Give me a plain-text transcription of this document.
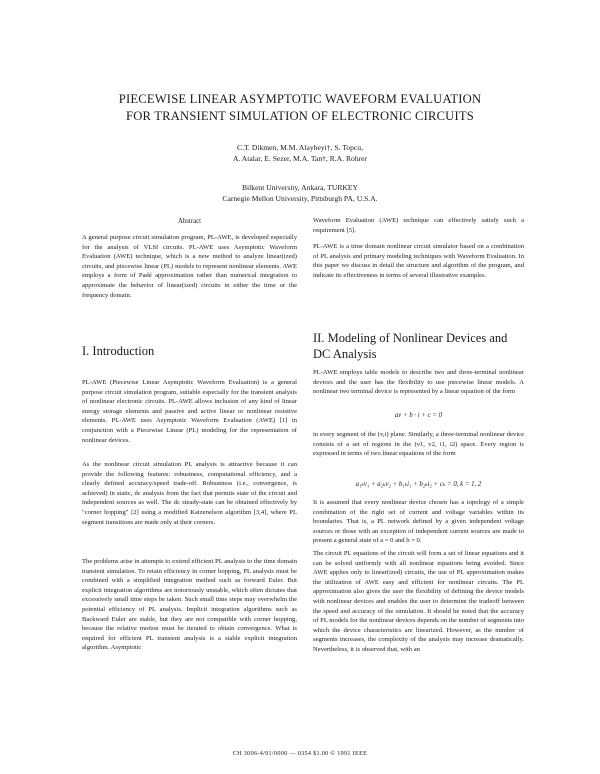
PIECEWISE LINEAR ASYMPTOTIC WAVEFORM EVALUATION
FOR TRANSIENT SIMULATION OF ELECTRONIC CIRCUITS
C.T. Dikmen, M.M. Alaybeyi†, S. Topcu,
A. Atalar, E. Sezer, M.A. Tan†, R.A. Rohrer
Bilkent University, Ankara, TURKEY
Carnegie Mellon University, Pittsburgh PA, U.S.A.
Abstract

A general purpose circuit simulation program, PL-AWE, is developed especially for the analysis of VLSI circuits. PL-AWE uses Asymptotic Waveform Evaluation (AWE) technique, which is a new method to analyze linear(ized) circuits, and piecewise linear (PL) models to represent nonlinear elements. AWE employs a form of Padé approximation rather than numerical integration to approximate the behavior of linear(ized) circuits in either the time or the frequency domain.

I. Introduction

PL-AWE (Piecewise Linear Asymptotic Waveform Evaluation) is a general purpose circuit simulation program, suitable especially for the transient analysis of nonlinear electronic circuits. PL-AWE allows inclusion of any kind of linear energy storage elements and passive and active linear or nonlinear resistive elements. PL-AWE uses Asymptotic Waveform Evaluation (AWE) [1] in conjunction with a Piecewise Linear (PL) modeling for the representation of nonlinear devices.

As the nonlinear circuit simulation PL analysis is attractive because it can provide the following features: robustness, computational efficiency, and a clearly defined accuracy/speed trade-off. Robustness (i.e., convergence, is achieved) in static, dc analysis from the fact that permits state of the circuit and independent sources as well. The dc steady-state can be obtained effectively by "corner hopping" [2] using a modified Katzenelson algorithm [3,4], where PL segment transitions are made only at their corners.

The problems arise in attempts to extend efficient PL analysis to the time domain transient simulation. To retain efficiency in corner hopping, PL analysis must be combined with a simplified integration method such as forward Euler. But explicit integration algorithms are notoriously unstable, which often dictates that excessively small time steps be taken. Such small time steps may overwhelm the potential efficiency of PL analysis. Implicit integration algorithms such as Backward Euler are stable, but they are not compatible with corner hopping, because the relative motion must be iterated to obtain convergence. What is required for efficient PL transient analysis is a stable explicit integration algorithm. Asymptotic

Waveform Evaluation (AWE) technique can effectively satisfy such a requirement [5].

PL-AWE is a time domain nonlinear circuit simulator based on a combination of PL analysis and primary modeling techniques with Waveform Evaluation. In this paper we discuss in detail the structure and algorithm of the program, and indicate its effectiveness in terms of several illustrative examples.

II. Modeling of Nonlinear Devices and
DC Analysis

PL-AWE employs table models to describe two and three-terminal nonlinear devices and the user has the flexibility to use piecewise linear models. A nonlinear two terminal device is represented by a linear equation of the form

av + b · i + c = 0

in every segment of the (v,i) plane. Similarly, a three-terminal nonlinear device consists of a set of regions in the (v1, v2, i1, i2) space. Every region is expressed in terms of two linear equations of the form

a₁ₖv₁ + a₂ₖv₂ + b₁ₖi₁ + b₂ₖi₂ + cₖ = 0, k = 1, 2

It is assumed that every nonlinear device chosen has a topology of a simple combination of the right set of current and voltage variables within its boundaries. That is, a PL network defined by a given independent voltage sources or those with an exception of independent current sources are made to present a general state of a = 0 and b = 0.

The circuit PL equations of the circuit will form a set of linear equations and it can be solved uniformly with all nonlinear equations being avoided. Since AWE applies only to linear(ized) circuits, the use of PL approximation makes the utilization of AWE easy and efficient for nonlinear circuits. The PL approximation also gives the user the flexibility of defining the device models with nonlinear devices and enables the user to determine the tradeoff between the speed and accuracy of the simulation. It should be noted that the accuracy of PL models for the nonlinear devices depends on the number of segments into which the device characteristics are linearized. However, as the number of segments increases, the complexity of the analysis may increase dramatically. Nevertheless, it is observed that, with an

CH 3006-4/91/0000 — 0354 $1.00 © 1991 IEEE
